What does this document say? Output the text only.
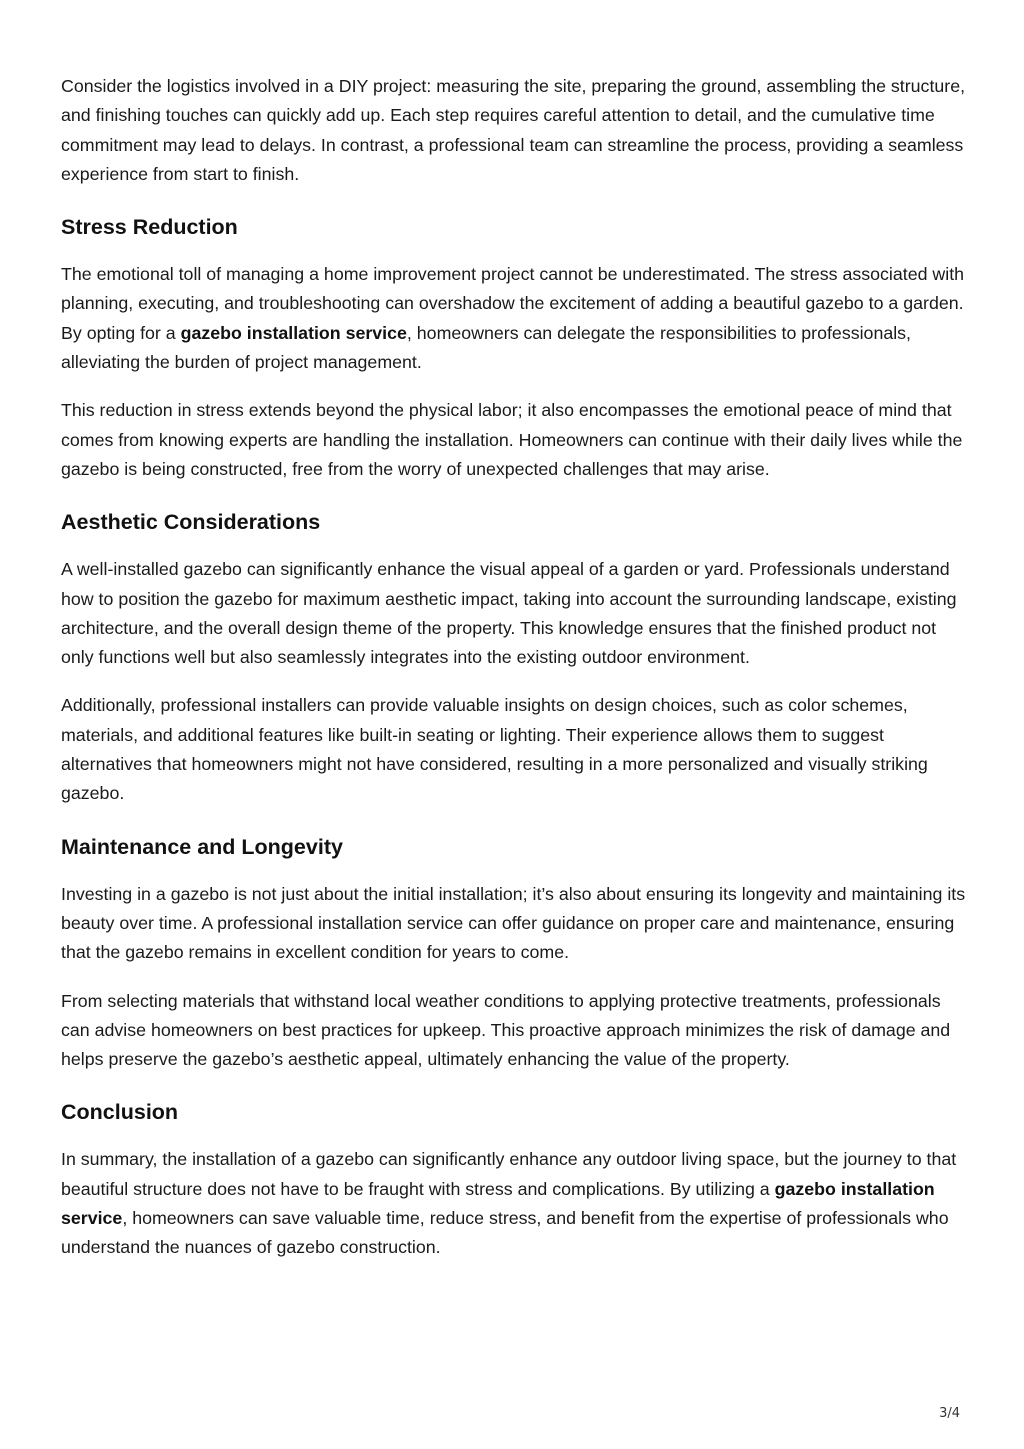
Consider the logistics involved in a DIY project: measuring the site, preparing the ground, assembling the structure, and finishing touches can quickly add up. Each step requires careful attention to detail, and the cumulative time commitment may lead to delays. In contrast, a professional team can streamline the process, providing a seamless experience from start to finish.

Stress Reduction

The emotional toll of managing a home improvement project cannot be underestimated. The stress associated with planning, executing, and troubleshooting can overshadow the excitement of adding a beautiful gazebo to a garden. By opting for a gazebo installation service, homeowners can delegate the responsibilities to professionals, alleviating the burden of project management.

This reduction in stress extends beyond the physical labor; it also encompasses the emotional peace of mind that comes from knowing experts are handling the installation. Homeowners can continue with their daily lives while the gazebo is being constructed, free from the worry of unexpected challenges that may arise.

Aesthetic Considerations

A well-installed gazebo can significantly enhance the visual appeal of a garden or yard. Professionals understand how to position the gazebo for maximum aesthetic impact, taking into account the surrounding landscape, existing architecture, and the overall design theme of the property. This knowledge ensures that the finished product not only functions well but also seamlessly integrates into the existing outdoor environment.

Additionally, professional installers can provide valuable insights on design choices, such as color schemes, materials, and additional features like built-in seating or lighting. Their experience allows them to suggest alternatives that homeowners might not have considered, resulting in a more personalized and visually striking gazebo.

Maintenance and Longevity

Investing in a gazebo is not just about the initial installation; it’s also about ensuring its longevity and maintaining its beauty over time. A professional installation service can offer guidance on proper care and maintenance, ensuring that the gazebo remains in excellent condition for years to come.

From selecting materials that withstand local weather conditions to applying protective treatments, professionals can advise homeowners on best practices for upkeep. This proactive approach minimizes the risk of damage and helps preserve the gazebo’s aesthetic appeal, ultimately enhancing the value of the property.

Conclusion

In summary, the installation of a gazebo can significantly enhance any outdoor living space, but the journey to that beautiful structure does not have to be fraught with stress and complications. By utilizing a gazebo installation service, homeowners can save valuable time, reduce stress, and benefit from the expertise of professionals who understand the nuances of gazebo construction.

3/4
